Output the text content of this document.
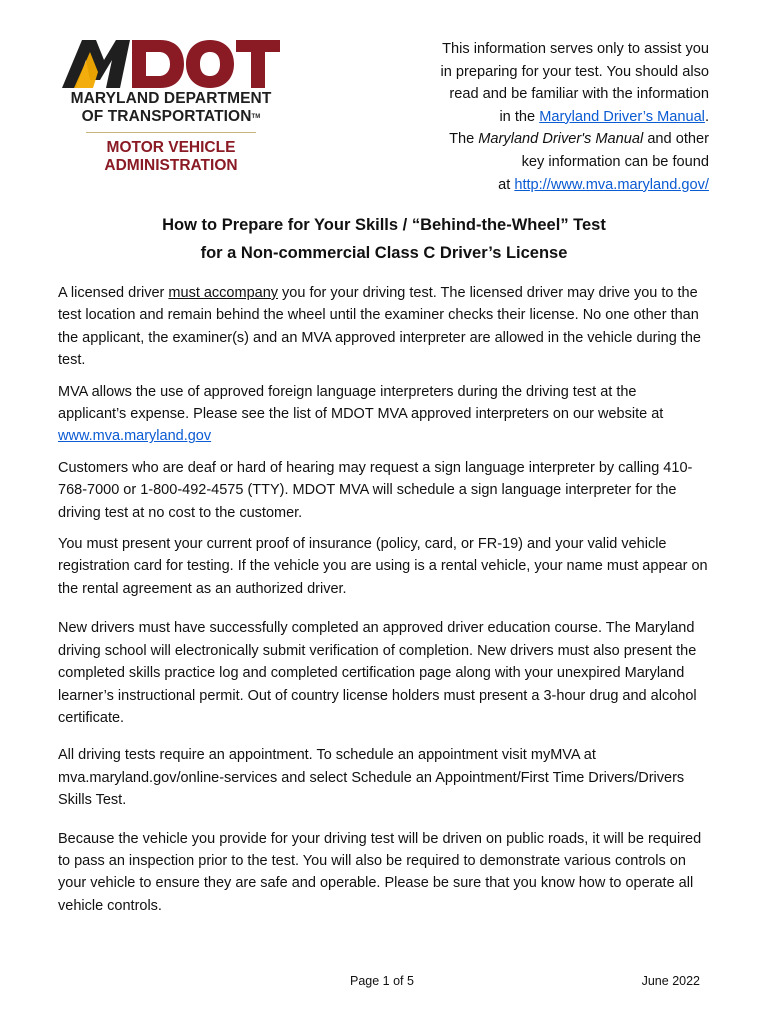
MARYLAND DEPARTMENT
OF TRANSPORTATIONTM
MOTOR VEHICLE
ADMINISTRATION
This information serves only to assist you
in preparing for your test. You should also
read and be familiar with the information
in the Maryland Driver’s Manual.
The Maryland Driver's Manual and other
key information can be found
at http://www.mva.maryland.gov/
How to Prepare for Your Skills / “Behind-the-Wheel” Test
for a Non-commercial Class C Driver’s License

A licensed driver must accompany you for your driving test. The licensed driver may drive you to the test location and remain behind the wheel until the examiner checks their license. No one other than the applicant, the examiner(s) and an MVA approved interpreter are allowed in the vehicle during the test.

MVA allows the use of approved foreign language interpreters during the driving test at the applicant’s expense. Please see the list of MDOT MVA approved interpreters on our website at www.mva.maryland.gov

Customers who are deaf or hard of hearing may request a sign language interpreter by calling 410-768-7000 or 1-800-492-4575 (TTY). MDOT MVA will schedule a sign language interpreter for the driving test at no cost to the customer.

You must present your current proof of insurance (policy, card, or FR-19) and your valid vehicle registration card for testing. If the vehicle you are using is a rental vehicle, your name must appear on the rental agreement as an authorized driver.

New drivers must have successfully completed an approved driver education course. The Maryland driving school will electronically submit verification of completion. New drivers must also present the completed skills practice log and completed certification page along with your unexpired Maryland learner’s instructional permit. Out of country license holders must present a 3-hour drug and alcohol certificate.

All driving tests require an appointment. To schedule an appointment visit myMVA at mva.maryland.gov/online-services and select Schedule an Appointment/First Time Drivers/Drivers Skills Test.

Because the vehicle you provide for your driving test will be driven on public roads, it will be required to pass an inspection prior to the test. You will also be required to demonstrate various controls on your vehicle to ensure they are safe and operable. Please be sure that you know how to operate all vehicle controls.

Page 1 of 5	June 2022
